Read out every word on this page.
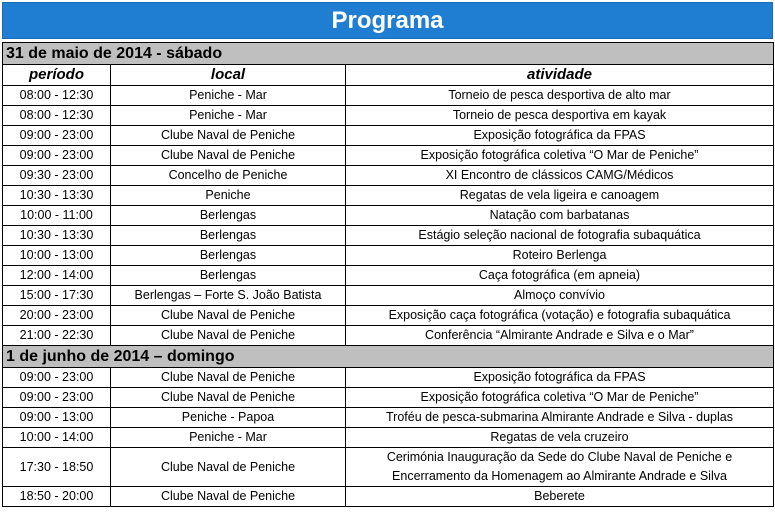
Programa
31 de maio de 2014 - sábado		
período	local	atividade
08:00 - 12:30	Peniche - Mar	Torneio de pesca desportiva de alto mar
08:00 - 12:30	Peniche - Mar	Torneio de pesca desportiva em kayak
09:00 - 23:00	Clube Naval de Peniche	Exposição fotográfica da FPAS
09:00 - 23:00	Clube Naval de Peniche	Exposição fotográfica coletiva “O Mar de Peniche”
09:30 - 23:00	Concelho de Peniche	XI Encontro de clássicos CAMG/Médicos
10:30 - 13:30	Peniche	Regatas de vela ligeira e canoagem
10:00 - 11:00	Berlengas	Natação com barbatanas
10:30 - 13:30	Berlengas	Estágio seleção nacional de fotografia subaquática
10:00 - 13:00	Berlengas	Roteiro Berlenga
12:00 - 14:00	Berlengas	Caça fotográfica (em apneia)
15:00 - 17:30	Berlengas – Forte S. João Batista	Almoço convívio
20:00 - 23:00	Clube Naval de Peniche	Exposição caça fotográfica (votação) e fotografia subaquática
21:00 - 22:30	Clube Naval de Peniche	Conferência “Almirante Andrade e Silva e o Mar”
1 de junho de 2014 – domingo		
09:00 - 23:00	Clube Naval de Peniche	Exposição fotográfica da FPAS
09:00 - 23:00	Clube Naval de Peniche	Exposição fotográfica coletiva “O Mar de Peniche”
09:00 - 13:00	Peniche - Papoa	Troféu de pesca-submarina Almirante Andrade e Silva - duplas
10:00 - 14:00	Peniche - Mar	Regatas de vela cruzeiro
17:30 - 18:50	Clube Naval de Peniche	Cerimónia Inauguração da Sede do Clube Naval de Peniche e
Encerramento da Homenagem ao Almirante Andrade e Silva

18:50 - 20:00	Clube Naval de Peniche	Beberete
